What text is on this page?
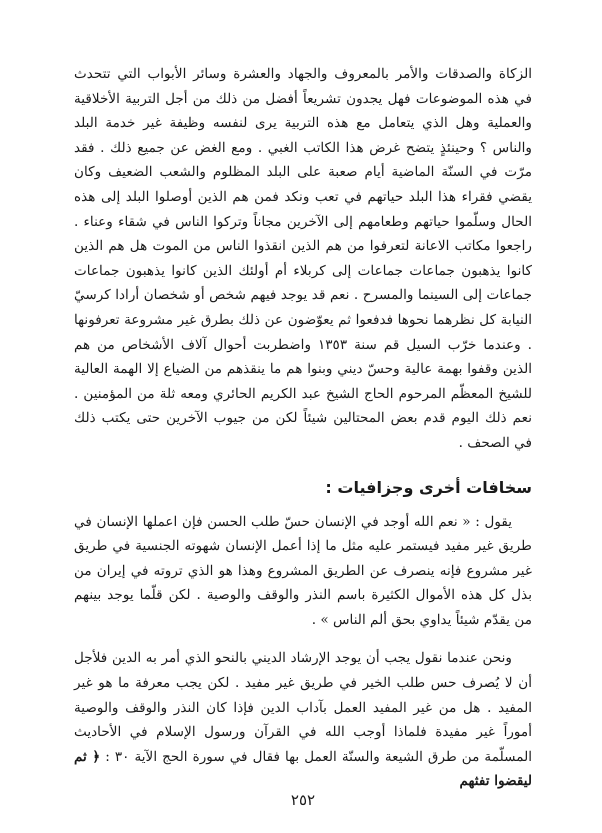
الزكاة والصدقات والأمر بالمعروف والجهاد والعشرة وسائر الأبواب التي تتحدث في هذه الموضوعات فهل يجدون تشريعاً أفضل من ذلك من أجل التربية الأخلاقية والعملية وهل الذي يتعامل مع هذه التربية يرى لنفسه وظيفة غير خدمة البلد والناس ؟ وحينئذٍ يتضح غرض هذا الكاتب الغبي . ومع الغض عن جميع ذلك . فقد مرّت في السنّة الماضية أيام صعبة على البلد المظلوم والشعب الضعيف وكان يقضي فقراء هذا البلد حياتهم في تعب ونكد فمن هم الذين أوصلوا البلد إلى هذه الحال وسلّموا حياتهم وطعامهم إلى الآخرين مجاناً وتركوا الناس في شقاء وعناء . راجعوا مكاتب الاعانة لتعرفوا من هم الذين انقذوا الناس من الموت هل هم الذين كانوا يذهبون جماعات جماعات إلى كربلاء أم أولئك الذين كانوا يذهبون جماعات جماعات إلى السينما والمسرح . نعم قد يوجد فيهم شخص أو شخصان أرادا كرسيّ النيابة كل نظرهما نحوها فدفعوا ثم يعوّضون عن ذلك بطرق غير مشروعة تعرفونها . وعندما خرّب السيل قم سنة ١٣٥٣ واضطربت أحوال آلاف الأشخاص من هم الذين وقفوا بهمة عالية وحسّ ديني وبنوا هم ما ينقذهم من الضياع إلا الهمة العالية للشيخ المعظّم المرحوم الحاج الشيخ عبد الكريم الحائري ومعه ثلة من المؤمنين . نعم ذلك اليوم قدم بعض المحتالين شيئاً لكن من جيوب الآخرين حتى يكتب ذلك في الصحف .

سخافات أخرى وجزافيات :

يقول : « نعم الله أوجد في الإنسان حسّ طلب الحسن فإن اعملها الإنسان في طريق غير مفيد فيستمر عليه مثل ما إذا أعمل الإنسان شهوته الجنسية في طريق غير مشروع فإنه ينصرف عن الطريق المشروع وهذا هو الذي تروته في إيران من بذل كل هذه الأموال الكثيرة باسم النذر والوقف والوصية . لكن قلّما يوجد بينهم من يقدّم شيئاً يداوي بحق ألم الناس » .

ونحن عندما نقول يجب أن يوجد الإرشاد الديني بالنحو الذي أمر به الدين فلأجل أن لا يُصرف حس طلب الخير في طريق غير مفيد . لكن يجب معرفة ما هو غير المفيد . هل من غير المفيد العمل بآداب الدين فإذا كان النذر والوقف والوصية أموراً غير مفيدة فلماذا أوجب الله في القرآن ورسول الإسلام في الأحاديث المسلّمة من طرق الشيعة والسنّة العمل بها فقال في سورة الحج الآية ٣٠ : ﴿ ثم ليقضوا تفثهم

٢٥٢
